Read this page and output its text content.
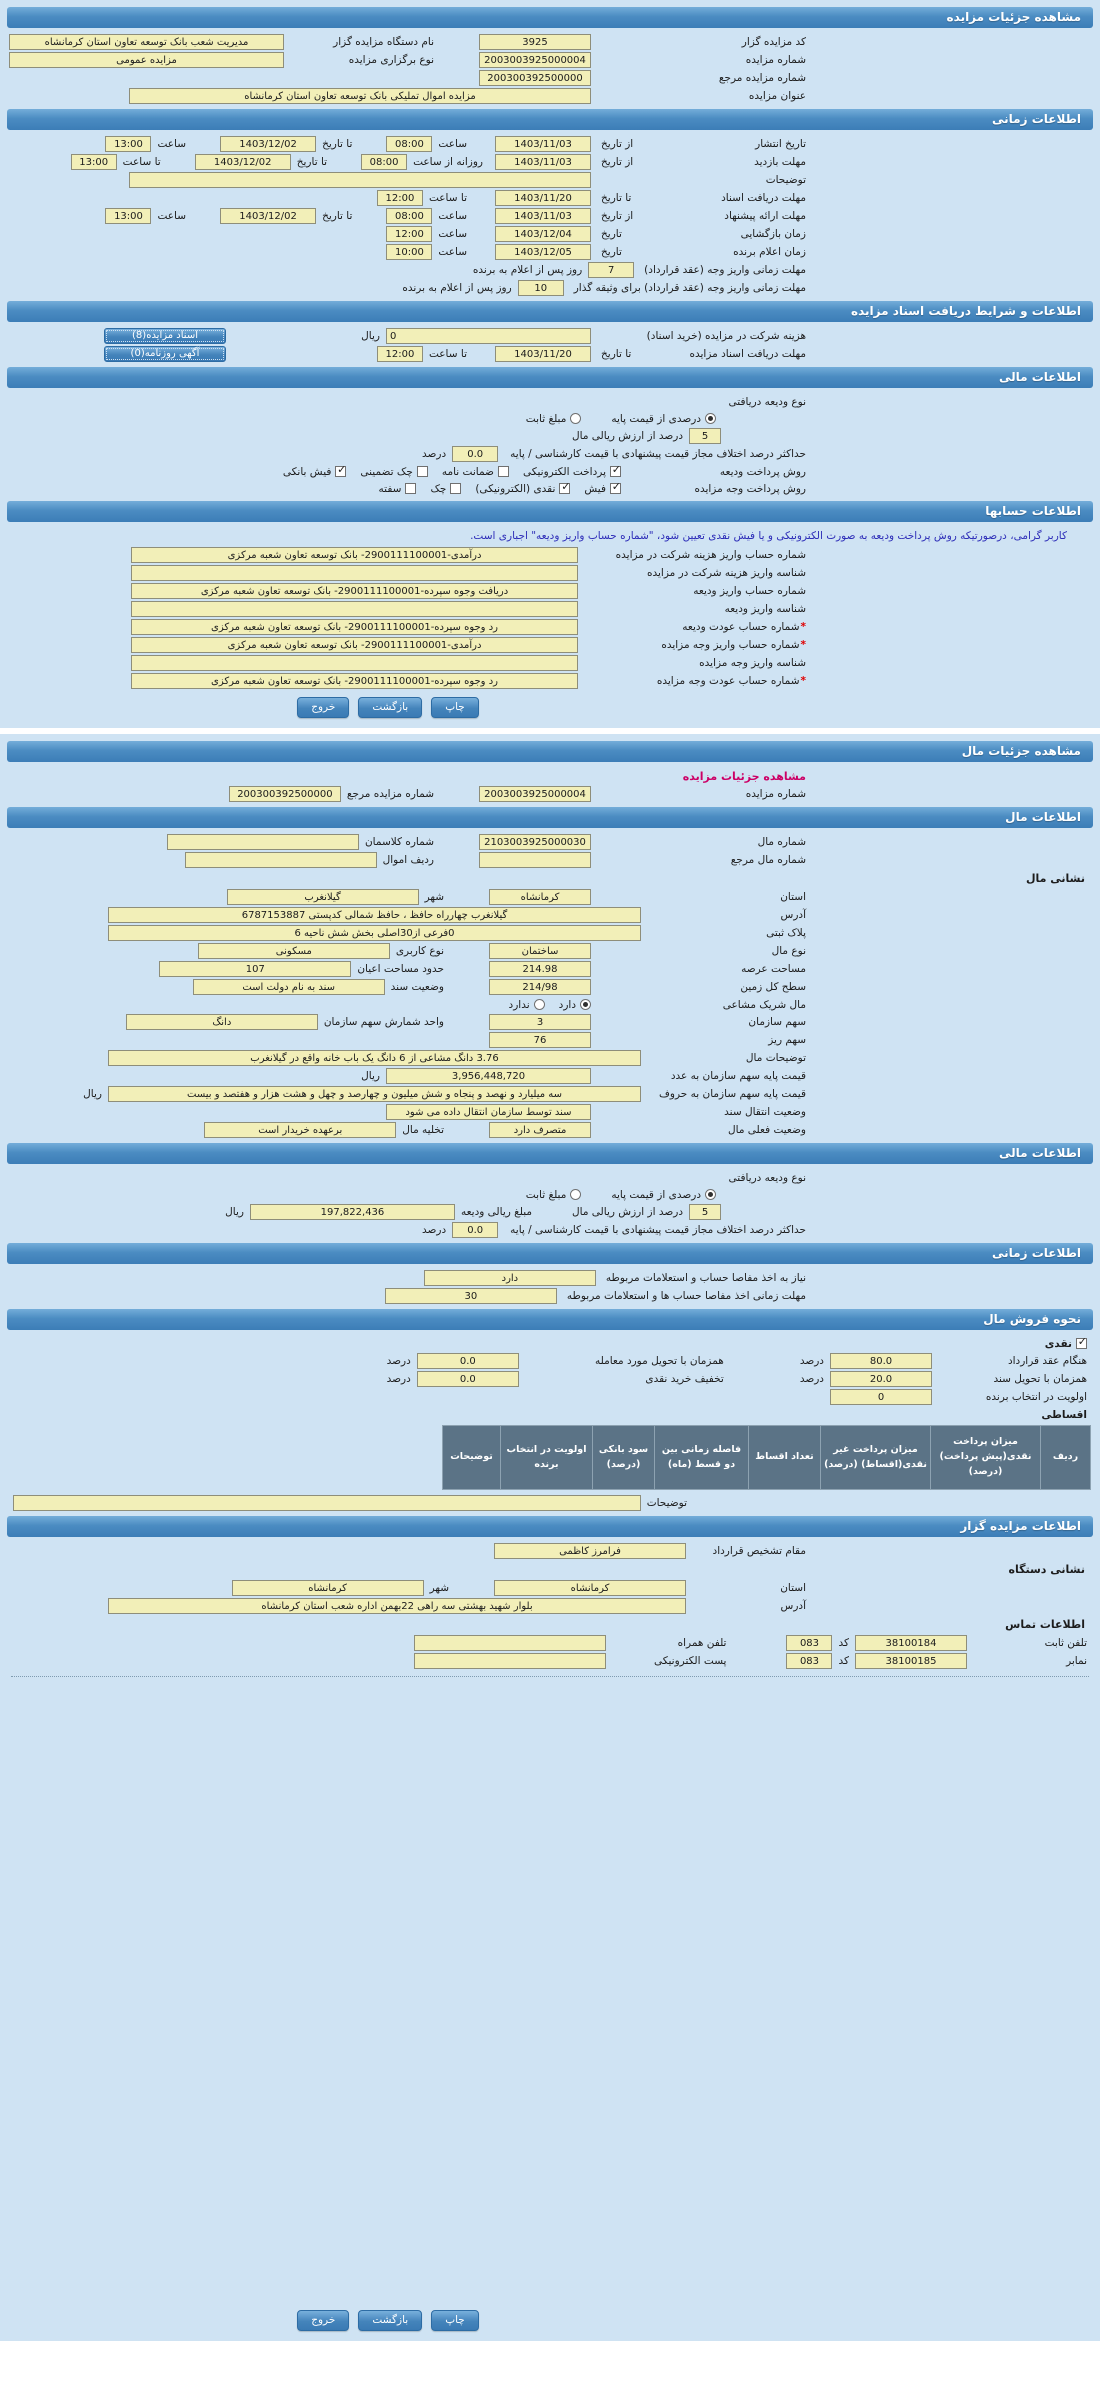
مشاهده جزئیات مزایده
کد مزایده گزار
3925
نام دستگاه مزایده گزار
مدیریت شعب بانک توسعه تعاون استان کرمانشاه
شماره مزایده
2003003925000004
نوع برگزاری مزایده
مزایده عمومی
شماره مزایده مرجع
200300392500000
عنوان مزایده
مزایده اموال تملیکی بانک توسعه تعاون استان کرمانشاه
اطلاعات زمانی
تاریخ انتشار
از تاریخ
1403/11/03
ساعت
08:00
تا تاریخ
1403/12/02
ساعت
13:00
مهلت بازدید
از تاریخ
1403/11/03
روزانه از ساعت
08:00
تا تاریخ
1403/12/02
تا ساعت
13:00
توضیحات
مهلت دریافت اسناد
تا تاریخ
1403/11/20
تا ساعت
12:00
مهلت ارائه پیشنهاد
از تاریخ
1403/11/03
ساعت
08:00
تا تاریخ
1403/12/02
ساعت
13:00
زمان بازگشایی
تاریخ
1403/12/04
ساعت
12:00
زمان اعلام برنده
تاریخ
1403/12/05
ساعت
10:00
مهلت زمانی واریز وجه (عقد قرارداد)
7
روز پس از اعلام به برنده
مهلت زمانی واریز وجه (عقد قرارداد) برای وثیقه گذار
10
روز پس از اعلام به برنده
اطلاعات و شرایط دریافت اسناد مزایده
هزینه شرکت در مزایده (خرید اسناد)
0
ریال
اسناد مزایده(8)
مهلت دریافت اسناد مزایده
تا تاریخ
1403/11/20
تا ساعت
12:00
آگهی روزنامه(0)
اطلاعات مالی
نوع ودیعه دریافتی
درصدی از قیمت پایه
مبلغ ثابت
5
درصد از ارزش ریالی مال
حداکثر درصد اختلاف مجاز قیمت پیشنهادی با قیمت کارشناسی / پایه
0.0
درصد
روش پرداخت ودیعه
✓
پرداخت الکترونیکی
ضمانت نامه
چک تضمینی
✓
فیش بانکی
روش پرداخت وجه مزایده
✓
فیش
✓
نقدی (الکترونیکی)
چک
سفته
اطلاعات حسابها
کاربر گرامی، درصورتیکه روش پرداخت ودیعه به صورت الکترونیکی و یا فیش نقدی تعیین شود، "شماره حساب واریز ودیعه" اجباری است.
شماره حساب واریز هزینه شرکت در مزایده
درآمدی-2900111100001- بانک توسعه تعاون شعبه مرکزی
شناسه واریز هزینه شرکت در مزایده
شماره حساب واریز ودیعه
دریافت وجوه سپرده-2900111100001- بانک توسعه تعاون شعبه مرکزی
شناسه واریز ودیعه
*
شماره حساب عودت ودیعه
رد وجوه سپرده-2900111100001- بانک توسعه تعاون شعبه مرکزی
*
شماره حساب واریز وجه مزایده
درآمدی-2900111100001- بانک توسعه تعاون شعبه مرکزی
شناسه واریز وجه مزایده
*
شماره حساب عودت وجه مزایده
رد وجوه سپرده-2900111100001- بانک توسعه تعاون شعبه مرکزی
چاپ
بازگشت
خروج
مشاهده جزئیات مال
مشاهده جزئیات مزایده
شماره مزایده
2003003925000004
شماره مزایده مرجع
200300392500000
اطلاعات مال
شماره مال
2103003925000030
شماره کلاسمان
شماره مال مرجع
ردیف اموال
نشانی مال
استان
کرمانشاه
شهر
گیلانغرب
آدرس
گیلانغرب چهارراه حافظ ، حافظ شمالی کدپستی 6787153887
پلاک ثبتی
0فرعی از30اصلی بخش شش ناحیه 6
نوع مال
ساختمان
نوع کاربری
مسکونی
مساحت عرصه
214.98
حدود مساحت اعیان
107
سطح کل زمین
214/98
وضعیت سند
سند به نام دولت است
مال شریک مشاعی
دارد
ندارد
سهم سازمان
3
واحد شمارش سهم سازمان
دانگ
سهم ریز
76
توضیحات مال
3.76 دانگ مشاعی از 6 دانگ یک باب خانه واقع در گیلانغرب
قیمت پایه سهم سازمان به عدد
3,956,448,720
ریال
قیمت پایه سهم سازمان به حروف
سه میلیارد و نهصد و پنجاه و شش میلیون و چهارصد و چهل و هشت هزار و هفتصد و بیست
ریال
وضعیت انتقال سند
سند توسط سازمان انتقال داده می شود
وضعیت فعلی مال
متصرف دارد
تخلیه مال
برعهده خریدار است
اطلاعات مالی
نوع ودیعه دریافتی
درصدی از قیمت پایه
مبلغ ثابت
5
درصد از ارزش ریالی مال
مبلغ ریالی ودیعه
197,822,436
ریال
حداکثر درصد اختلاف مجاز قیمت پیشنهادی با قیمت کارشناسی / پایه
0.0
درصد
اطلاعات زمانی
نیاز به اخذ مفاصا حساب و استعلامات مربوطه
دارد
مهلت زمانی اخذ مفاصا حساب ها و استعلامات مربوطه
30
نحوه فروش مال
✓
نقدی
هنگام عقد قرارداد
80.0
درصد
همزمان با تحویل مورد معامله
0.0
درصد
همزمان با تحویل سند
20.0
درصد
تخفیف خرید نقدی
0.0
درصد
اولویت در انتخاب برنده
0
اقساطی
ردیف	میزان پرداخت نقدی(پیش پرداخت) (درصد)	میزان پرداخت غیر نقدی(اقساط) (درصد)	تعداد اقساط	فاصله زمانی بین دو قسط (ماه)	سود بانکی (درصد)	اولویت در انتخاب برنده	توضیحات
توضیحات
اطلاعات مزایده گزار
مقام تشخیص قرارداد
فرامرز کاظمی
نشانی دستگاه
استان
کرمانشاه
شهر
کرمانشاه
آدرس
بلوار شهید بهشتی سه راهی 22بهمن اداره شعب استان کرمانشاه
اطلاعات تماس
تلفن ثابت
38100184
کد
083
تلفن همراه
نمابر
38100185
کد
083
پست الکترونیکی
چاپ
بازگشت
خروج
